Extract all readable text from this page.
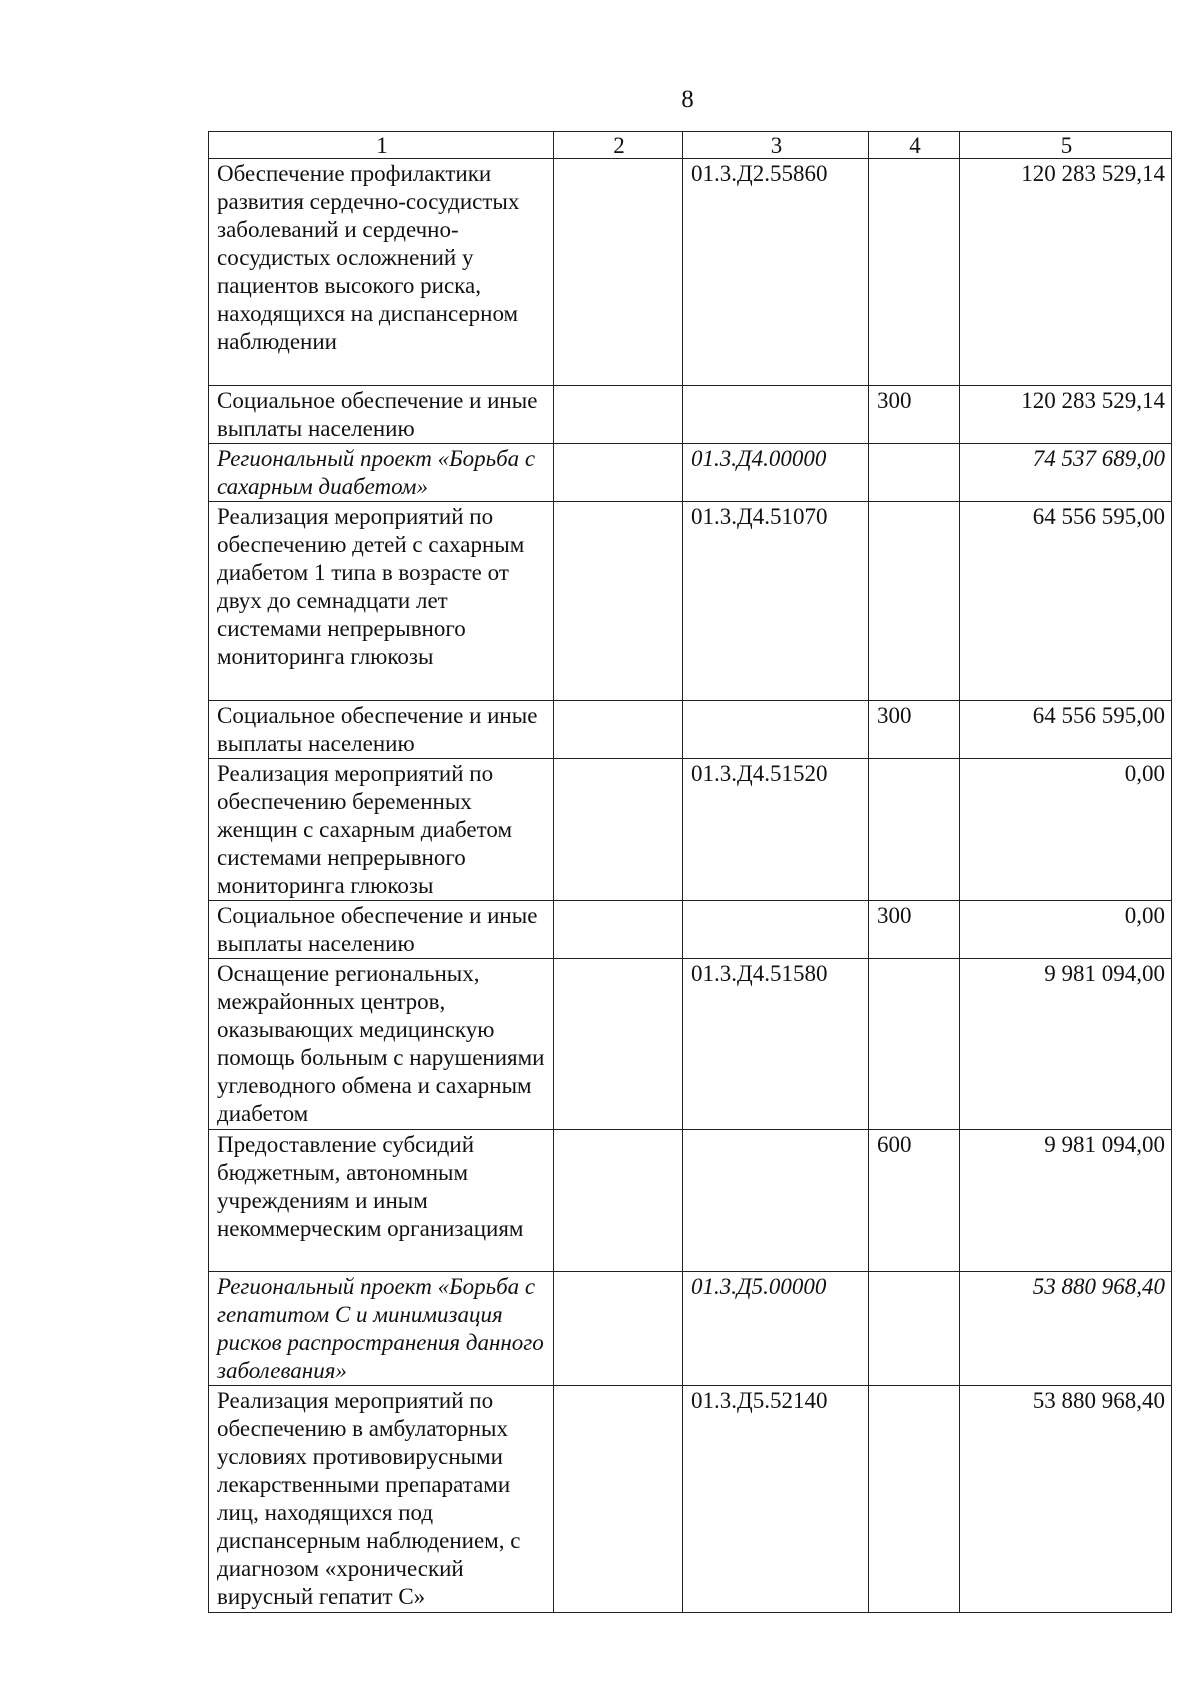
8
1	2	3	4	5
Обеспечение профилактики развития сердечно-сосудистых заболеваний и сердечно-сосудистых осложнений у пациентов высокого риска, находящихся на диспансерном наблюдении		01.3.Д2.55860		120 283 529,14
Социальное обеспечение и иные выплаты населению			300	120 283 529,14
Региональный проект «Борьба с сахарным диабетом»		01.3.Д4.00000		74 537 689,00
Реализация мероприятий по обеспечению детей с сахарным диабетом 1 типа в возрасте от двух до семнадцати лет системами непрерывного мониторинга глюкозы		01.3.Д4.51070		64 556 595,00
Социальное обеспечение и иные выплаты населению			300	64 556 595,00
Реализация мероприятий по обеспечению беременных женщин с сахарным диабетом системами непрерывного мониторинга глюкозы		01.3.Д4.51520		0,00
Социальное обеспечение и иные выплаты населению			300	0,00
Оснащение региональных, межрайонных центров, оказывающих медицинскую помощь больным с нарушениями углеводного обмена и сахарным диабетом		01.3.Д4.51580		9 981 094,00
Предоставление субсидий бюджетным, автономным учреждениям и иным некоммерческим организациям			600	9 981 094,00
Региональный проект «Борьба с гепатитом С и минимизация рисков распространения данного заболевания»		01.3.Д5.00000		53 880 968,40
Реализация мероприятий по обеспечению в амбулаторных условиях противовирусными лекарственными препаратами лиц, находящихся под диспансерным наблюдением, с диагнозом «хронический вирусный гепатит С»		01.3.Д5.52140		53 880 968,40
